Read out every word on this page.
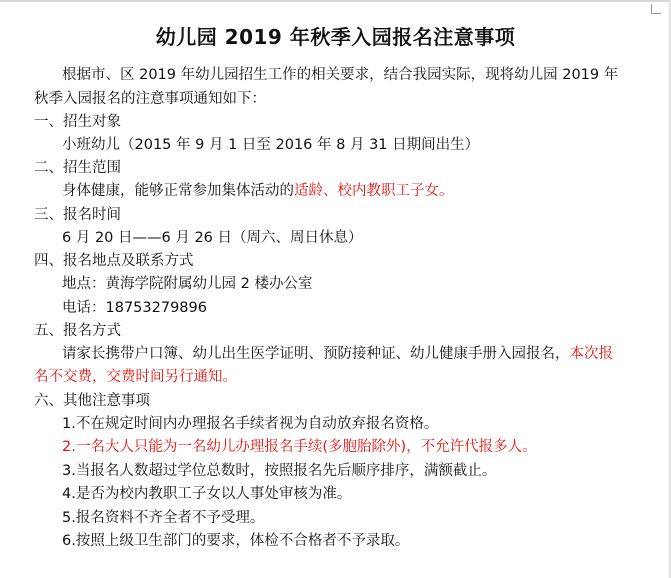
幼儿园 2019 年秋季入园报名注意事项
根据市、区 2019 年幼儿园招生工作的相关要求，结合我园实际，现将幼儿园 2019 年
秋季入园报名的注意事项通知如下：
一、招生对象
小班幼儿（2015 年 9 月 1 日至 2016 年 8 月 31 日期间出生）
二、招生范围
身体健康，能够正常参加集体活动的适龄、校内教职工子女。
三、报名时间
6 月 20 日——6 月 26 日（周六、周日休息）
四、报名地点及联系方式
地点：黄海学院附属幼儿园 2 楼办公室
电话：18753279896
五、报名方式
请家长携带户口簿、幼儿出生医学证明、预防接种证、幼儿健康手册入园报名，本次报
名不交费，交费时间另行通知。
六、其他注意事项
1.不在规定时间内办理报名手续者视为自动放弃报名资格。
2.一名大人只能为一名幼儿办理报名手续(多胞胎除外)，不允许代报多人。
3.当报名人数超过学位总数时，按照报名先后顺序排序，满额截止。
4.是否为校内教职工子女以人事处审核为准。
5.报名资料不齐全者不予受理。
6.按照上级卫生部门的要求，体检不合格者不予录取。
